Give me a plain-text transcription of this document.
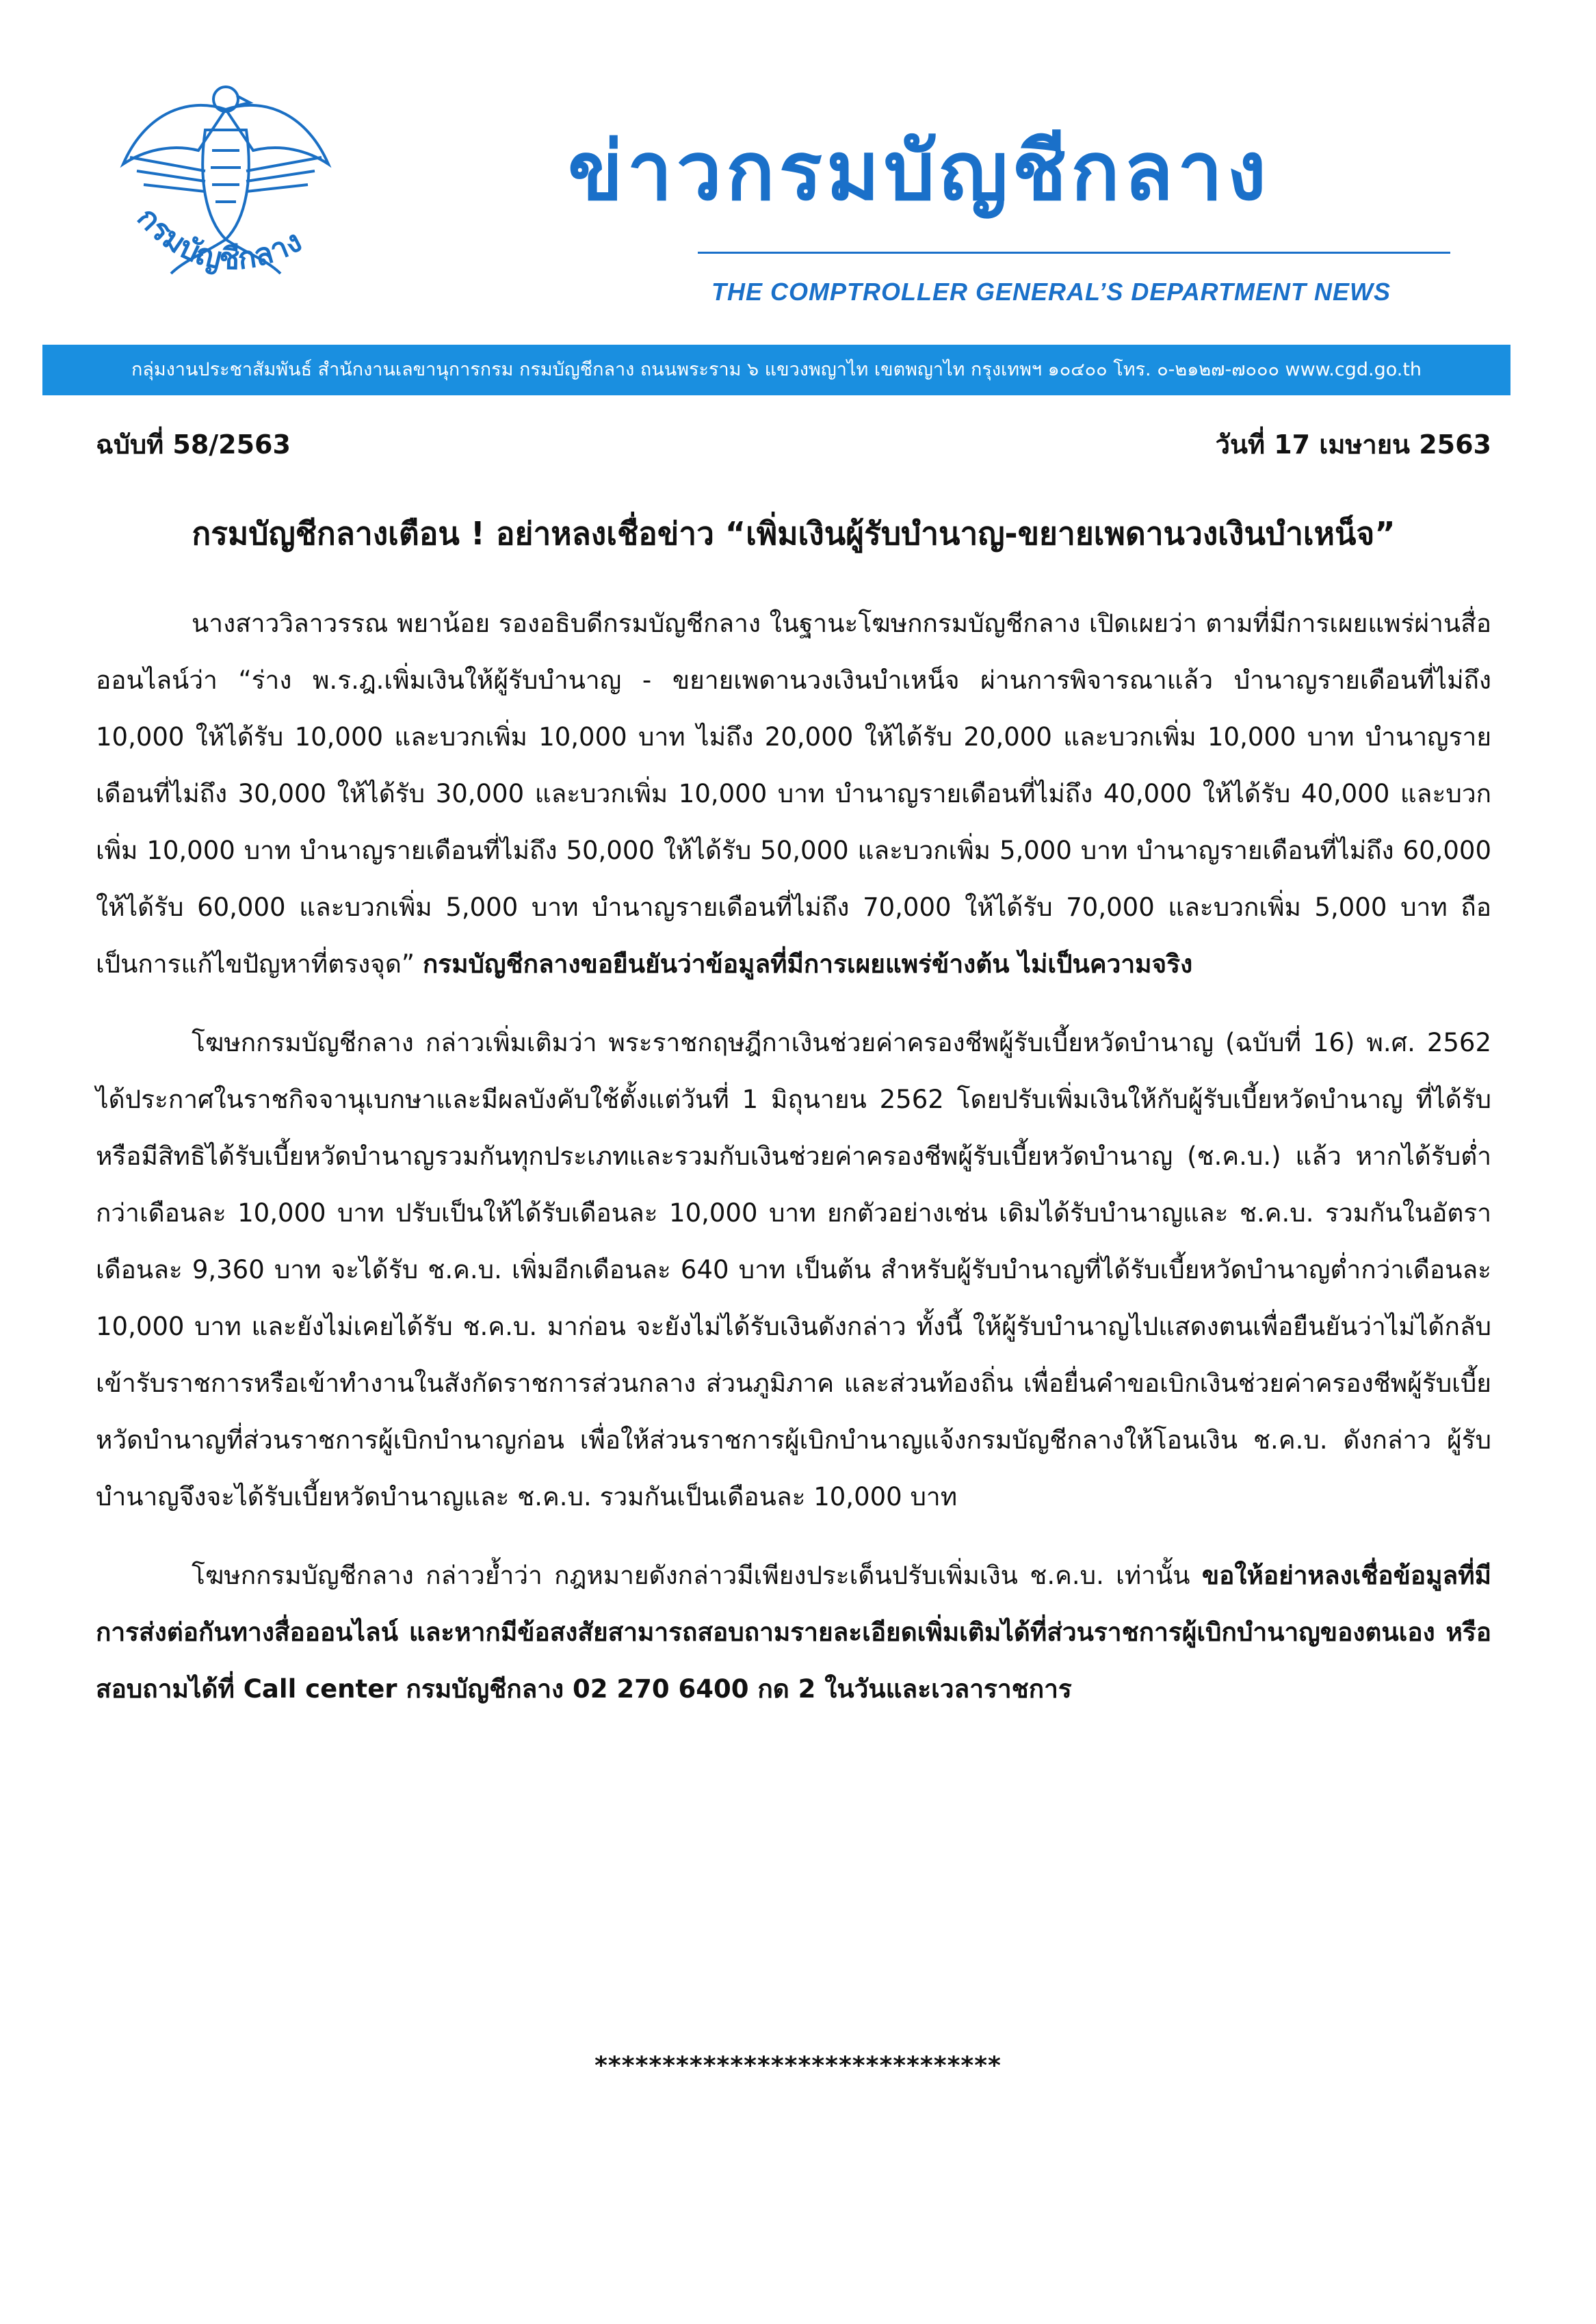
กรมบัญชีกลาง
ข่าวกรมบัญชีกลาง
THE COMPTROLLER GENERAL’S DEPARTMENT NEWS
กลุ่มงานประชาสัมพันธ์ สำนักงานเลขานุการกรม กรมบัญชีกลาง ถนนพระราม ๖ แขวงพญาไท เขตพญาไท กรุงเทพฯ ๑๐๔๐๐ โทร. ๐-๒๑๒๗-๗๐๐๐ www.cgd.go.th
ฉบับที่ 58/2563	วันที่ 17 เมษายน 2563
กรมบัญชีกลางเตือน ! อย่าหลงเชื่อข่าว “เพิ่มเงินผู้รับบำนาญ-ขยายเพดานวงเงินบำเหน็จ”

นางสาววิลาวรรณ พยาน้อย รองอธิบดีกรมบัญชีกลาง ในฐานะโฆษกกรมบัญชีกลาง เปิดเผยว่า ตามที่มีการเผยแพร่ผ่านสื่อออนไลน์ว่า “ร่าง พ.ร.ฎ.เพิ่มเงินให้ผู้รับบำนาญ - ขยายเพดานวงเงินบำเหน็จ ผ่านการพิจารณาแล้ว บำนาญรายเดือนที่ไม่ถึง 10,000 ให้ได้รับ 10,000 และบวกเพิ่ม 10,000 บาท ไม่ถึง 20,000 ให้ได้รับ 20,000 และบวกเพิ่ม 10,000 บาท บำนาญรายเดือนที่ไม่ถึง 30,000 ให้ได้รับ 30,000 และบวกเพิ่ม 10,000 บาท บำนาญรายเดือนที่ไม่ถึง 40,000 ให้ได้รับ 40,000 และบวกเพิ่ม 10,000 บาท บำนาญรายเดือนที่ไม่ถึง 50,000 ให้ได้รับ 50,000 และบวกเพิ่ม 5,000 บาท บำนาญรายเดือนที่ไม่ถึง 60,000 ให้ได้รับ 60,000 และบวกเพิ่ม 5,000 บาท บำนาญรายเดือนที่ไม่ถึง 70,000 ให้ได้รับ 70,000 และบวกเพิ่ม 5,000 บาท ถือเป็นการแก้ไขปัญหาที่ตรงจุด” กรมบัญชีกลางขอยืนยันว่าข้อมูลที่มีการเผยแพร่ข้างต้น ไม่เป็นความจริง

โฆษกกรมบัญชีกลาง กล่าวเพิ่มเติมว่า พระราชกฤษฎีกาเงินช่วยค่าครองชีพผู้รับเบี้ยหวัดบำนาญ (ฉบับที่ 16) พ.ศ. 2562 ได้ประกาศในราชกิจจานุเบกษาและมีผลบังคับใช้ตั้งแต่วันที่ 1 มิถุนายน 2562 โดยปรับเพิ่มเงินให้กับผู้รับเบี้ยหวัดบำนาญ ที่ได้รับหรือมีสิทธิได้รับเบี้ยหวัดบำนาญรวมกันทุกประเภทและรวมกับเงินช่วยค่าครองชีพผู้รับเบี้ยหวัดบำนาญ (ช.ค.บ.) แล้ว หากได้รับต่ำกว่าเดือนละ 10,000 บาท ปรับเป็นให้ได้รับเดือนละ 10,000 บาท ยกตัวอย่างเช่น เดิมได้รับบำนาญและ ช.ค.บ. รวมกันในอัตราเดือนละ 9,360 บาท จะได้รับ ช.ค.บ. เพิ่มอีกเดือนละ 640 บาท เป็นต้น สำหรับผู้รับบำนาญที่ได้รับเบี้ยหวัดบำนาญต่ำกว่าเดือนละ 10,000 บาท และยังไม่เคยได้รับ ช.ค.บ. มาก่อน จะยังไม่ได้รับเงินดังกล่าว ทั้งนี้ ให้ผู้รับบำนาญไปแสดงตนเพื่อยืนยันว่าไม่ได้กลับเข้ารับราชการหรือเข้าทำงานในสังกัดราชการส่วนกลาง ส่วนภูมิภาค และส่วนท้องถิ่น เพื่อยื่นคำขอเบิกเงินช่วยค่าครองชีพผู้รับเบี้ยหวัดบำนาญที่ส่วนราชการผู้เบิกบำนาญก่อน เพื่อให้ส่วนราชการผู้เบิกบำนาญแจ้งกรมบัญชีกลางให้โอนเงิน ช.ค.บ. ดังกล่าว ผู้รับบำนาญจึงจะได้รับเบี้ยหวัดบำนาญและ ช.ค.บ. รวมกันเป็นเดือนละ 10,000 บาท

โฆษกกรมบัญชีกลาง กล่าวย้ำว่า กฎหมายดังกล่าวมีเพียงประเด็นปรับเพิ่มเงิน ช.ค.บ. เท่านั้น ขอให้อย่าหลงเชื่อข้อมูลที่มีการส่งต่อกันทางสื่อออนไลน์ และหากมีข้อสงสัยสามารถสอบถามรายละเอียดเพิ่มเติมได้ที่ส่วนราชการผู้เบิกบำนาญของตนเอง หรือสอบถามได้ที่ Call center กรมบัญชีกลาง 02 270 6400 กด 2 ในวันและเวลาราชการ

******************************
